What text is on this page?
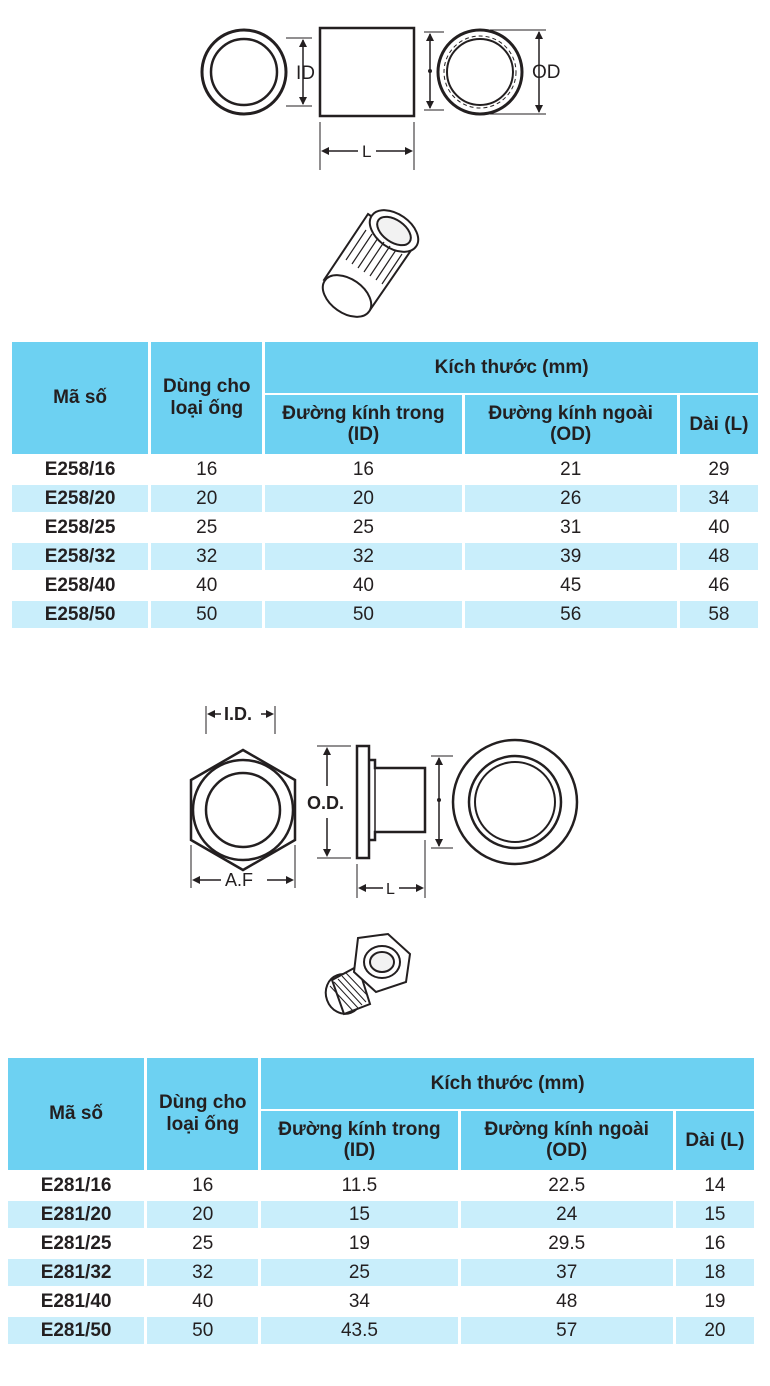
ID	OD
L
Mã số	Dùng cho loại ống	Kích thước (mm)		
		Đường kính trong (ID)	Đường kính ngoài (OD)	Dài (L)
E258/16	16	16	21	29
E258/20	20	20	26	34
E258/25	25	25	31	40
E258/32	32	32	39	48
E258/40	40	40	45	46
E258/50	50	50	56	58
I.D.
A.F
O.D.
L
Mã số	Dùng cho loại ống	Kích thước (mm)		
		Đường kính trong (ID)	Đường kính ngoài (OD)	Dài (L)
E281/16	16	11.5	22.5	14
E281/20	20	15	24	15
E281/25	25	19	29.5	16
E281/32	32	25	37	18
E281/40	40	34	48	19
E281/50	50	43.5	57	20
